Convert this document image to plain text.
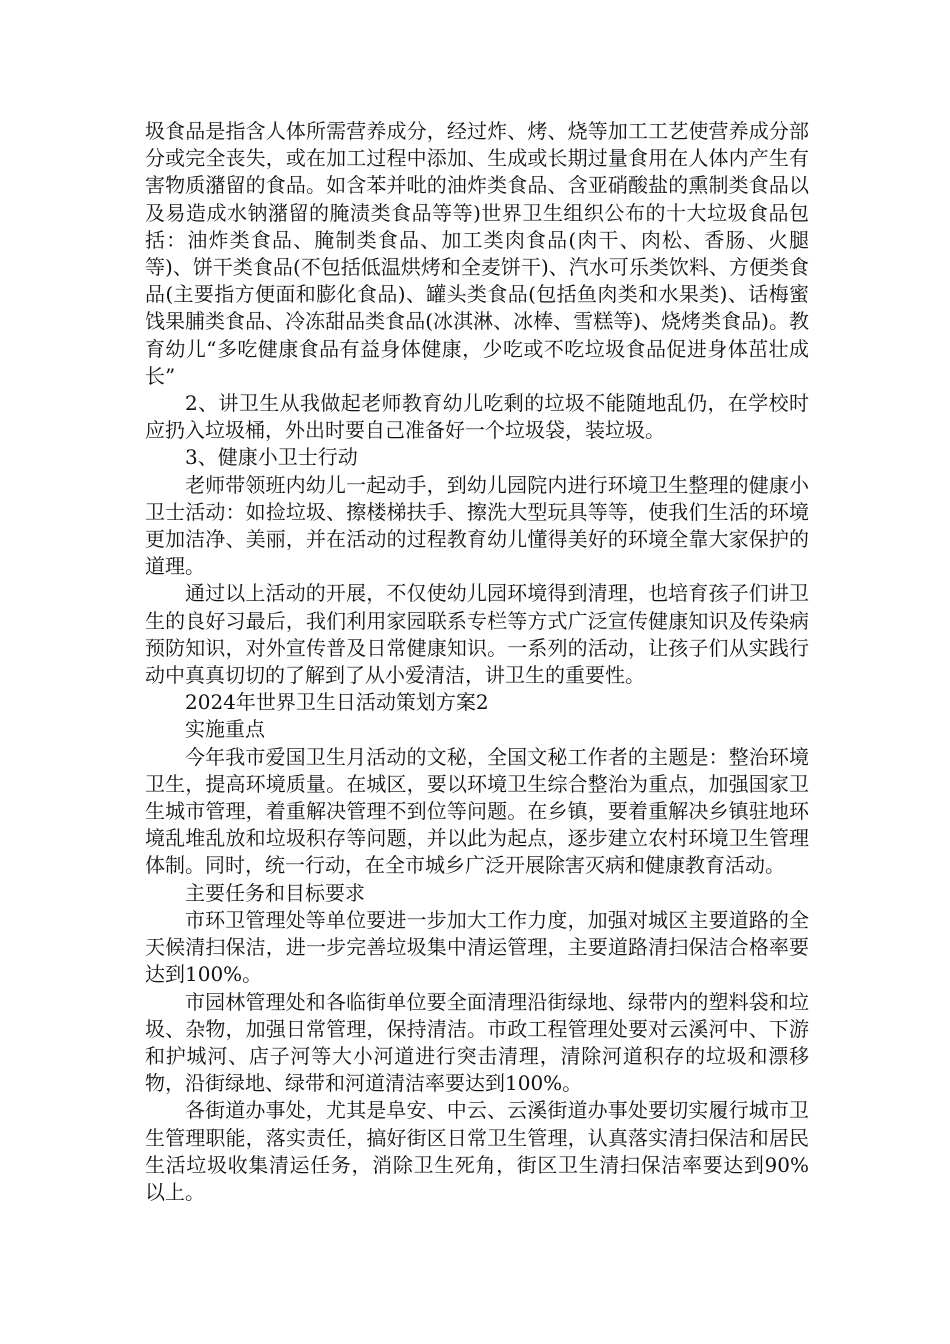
圾食品是指含人体所需营养成分，经过炸、烤、烧等加工工艺使营养成分部分或完全丧失，或在加工过程中添加、生成或长期过量食用在人体内产生有害物质潴留的食品。如含苯并吡的油炸类食品、含亚硝酸盐的熏制类食品以及易造成水钠潴留的腌渍类食品等等)世界卫生组织公布的十大垃圾食品包括：油炸类食品、腌制类食品、加工类肉食品(肉干、肉松、香肠、火腿等)、饼干类食品(不包括低温烘烤和全麦饼干)、汽水可乐类饮料、方便类食品(主要指方便面和膨化食品)、罐头类食品(包括鱼肉类和水果类)、话梅蜜饯果脯类食品、冷冻甜品类食品(冰淇淋、冰棒、雪糕等)、烧烤类食品)。教育幼儿“多吃健康食品有益身体健康，少吃或不吃垃圾食品促进身体茁壮成长”

2、讲卫生从我做起老师教育幼儿吃剩的垃圾不能随地乱仍，在学校时应扔入垃圾桶，外出时要自己准备好一个垃圾袋，装垃圾。

3、健康小卫士行动

老师带领班内幼儿一起动手，到幼儿园院内进行环境卫生整理的健康小卫士活动：如捡垃圾、擦楼梯扶手、擦洗大型玩具等等，使我们生活的环境更加洁净、美丽，并在活动的过程教育幼儿懂得美好的环境全靠大家保护的道理。

通过以上活动的开展，不仅使幼儿园环境得到清理，也培育孩子们讲卫生的良好习最后，我们利用家园联系专栏等方式广泛宣传健康知识及传染病预防知识，对外宣传普及日常健康知识。一系列的活动，让孩子们从实践行动中真真切切的了解到了从小爱清洁，讲卫生的重要性。

2024年世界卫生日活动策划方案2

实施重点

今年我市爱国卫生月活动的文秘，全国文秘工作者的主题是：整治环境卫生，提高环境质量。在城区，要以环境卫生综合整治为重点，加强国家卫生城市管理，着重解决管理不到位等问题。在乡镇，要着重解决乡镇驻地环境乱堆乱放和垃圾积存等问题，并以此为起点，逐步建立农村环境卫生管理体制。同时，统一行动，在全市城乡广泛开展除害灭病和健康教育活动。

主要任务和目标要求

市环卫管理处等单位要进一步加大工作力度，加强对城区主要道路的全天候清扫保洁，进一步完善垃圾集中清运管理，主要道路清扫保洁合格率要达到100%。

市园林管理处和各临街单位要全面清理沿街绿地、绿带内的塑料袋和垃圾、杂物，加强日常管理，保持清洁。市政工程管理处要对云溪河中、下游和护城河、店子河等大小河道进行突击清理，清除河道积存的垃圾和漂移物，沿街绿地、绿带和河道清洁率要达到100%。

各街道办事处，尤其是阜安、中云、云溪街道办事处要切实履行城市卫生管理职能，落实责任，搞好街区日常卫生管理，认真落实清扫保洁和居民生活垃圾收集清运任务，消除卫生死角，街区卫生清扫保洁率要达到90%以上。
